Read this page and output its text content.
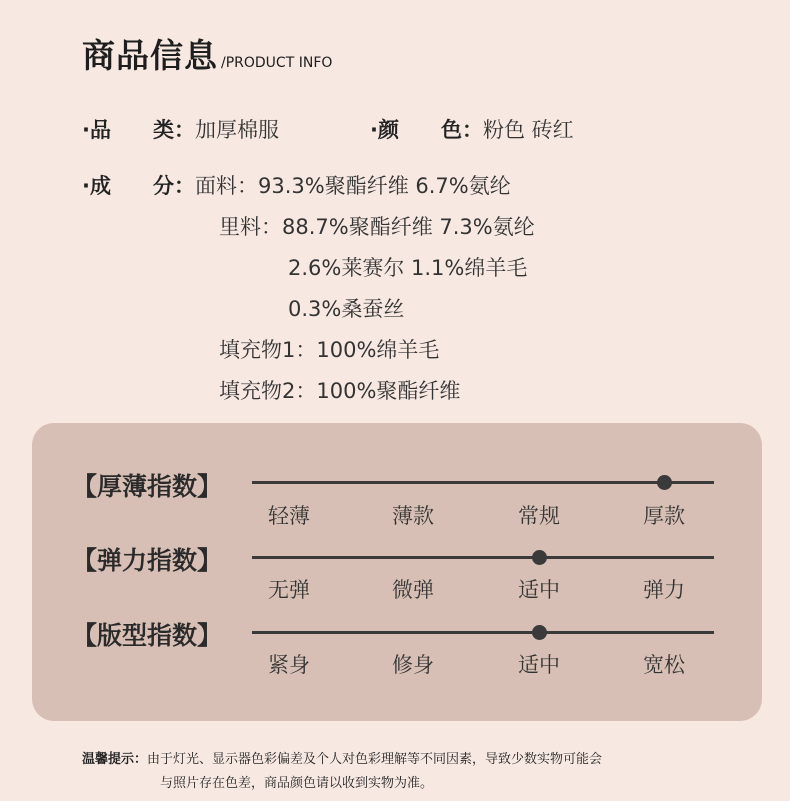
商品信息 /PRODUCT INFO
·品　　类：加厚棉服	·颜　　色：粉色 砖红
·成　　分：面料：93.3%聚酯纤维 6.7%氨纶
里料：88.7%聚酯纤维 7.3%氨纶
2.6%莱赛尔 1.1%绵羊毛
0.3%桑蚕丝
填充物1：100%绵羊毛
填充物2：100%聚酯纤维
【厚薄指数】
轻薄	薄款	常规	厚款
【弹力指数】
无弹	微弹	适中	弹力
【版型指数】
紧身	修身	适中	宽松
温馨提示：由于灯光、显示器色彩偏差及个人对色彩理解等不同因素，导致少数实物可能会
与照片存在色差，商品颜色请以收到实物为准。
